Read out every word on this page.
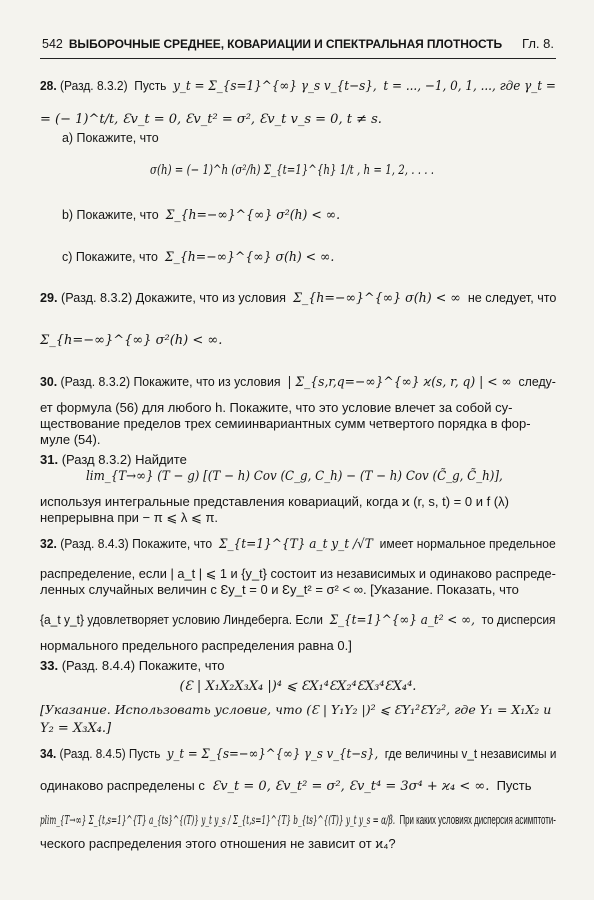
542 ВЫБОРОЧНЫЕ СРЕДНЕЕ, КОВАРИАЦИИ И СПЕКТРАЛЬНАЯ ПЛОТНОСТЬ	Гл. 8.
28. (Разд. 8.3.2) Пусть y_t = Σ_{s=1}^{∞} γ_s v_{t−s}, t = ..., −1, 0, 1, ..., где γ_t =
= (− 1)^t/t, Ɛv_t = 0, Ɛv_t² = σ², Ɛv_t v_s = 0, t ≠ s.
а) Покажите, что
σ(h) = (− 1)^h (σ²/h) Σ_{t=1}^{h} 1/t , h = 1, 2, . . . .
b) Покажите, что Σ_{h=−∞}^{∞} σ²(h) < ∞.
c) Покажите, что Σ_{h=−∞}^{∞} σ(h) < ∞.
29. (Разд. 8.3.2) Докажите, что из условия Σ_{h=−∞}^{∞} σ(h) < ∞ не следует, что
Σ_{h=−∞}^{∞} σ²(h) < ∞.
30. (Разд. 8.3.2) Покажите, что из условия | Σ_{s,r,q=−∞}^{∞} ϰ(s, r, q) | < ∞ следу-
ет формула (56) для любого h. Покажите, что это условие влечет за собой су-
ществование пределов трех семиинвариантных сумм четвертого порядка в фор-
муле (54).
31. (Разд 8.3.2) Найдите
lim_{T→∞} (T − g) [(T − h) Cov (C_g, C_h) − (T − h) Cov (C̃_g, C̃_h)],
используя интегральные представления ковариаций, когда ϰ (r, s, t) = 0 и f (λ)
непрерывна при − π ⩽ λ ⩽ π.
32. (Разд. 8.4.3) Покажите, что Σ_{t=1}^{T} a_t y_t /√T имеет нормальное предельное
распределение, если | a_t | ⩽ 1 и {y_t} состоит из независимых и одинаково распреде-
ленных случайных величин с Ɛy_t = 0 и Ɛy_t² = σ² < ∞. [Указание. Показать, что
{a_t y_t} удовлетворяет условию Линдеберга. Если Σ_{t=1}^{∞} a_t² < ∞, то дисперсия
нормального предельного распределения равна 0.]
33. (Разд. 8.4.4) Покажите, что
(Ɛ | X₁X₂X₃X₄ |)⁴ ⩽ ƐX₁⁴ƐX₂⁴ƐX₃⁴ƐX₄⁴.
[Указание. Использовать условие, что (Ɛ | Y₁Y₂ |)² ⩽ ƐY₁²ƐY₂², где Y₁ = X₁X₂ и
Y₂ = X₃X₄.]
34. (Разд. 8.4.5) Пусть y_t = Σ_{s=−∞}^{∞} γ_s v_{t−s}, где величины v_t независимы и
одинаково распределены с Ɛv_t = 0, Ɛv_t² = σ², Ɛv_t⁴ = 3σ⁴ + ϰ₄ < ∞. Пусть
plim_{T→∞} Σ_{t,s=1}^{T} a_{ts}^{(T)} y_t y_s / Σ_{t,s=1}^{T} b_{ts}^{(T)} y_t y_s = α/β. При каких условиях дисперсия асимптоти-
ческого распределения этого отношения не зависит от ϰ₄?
